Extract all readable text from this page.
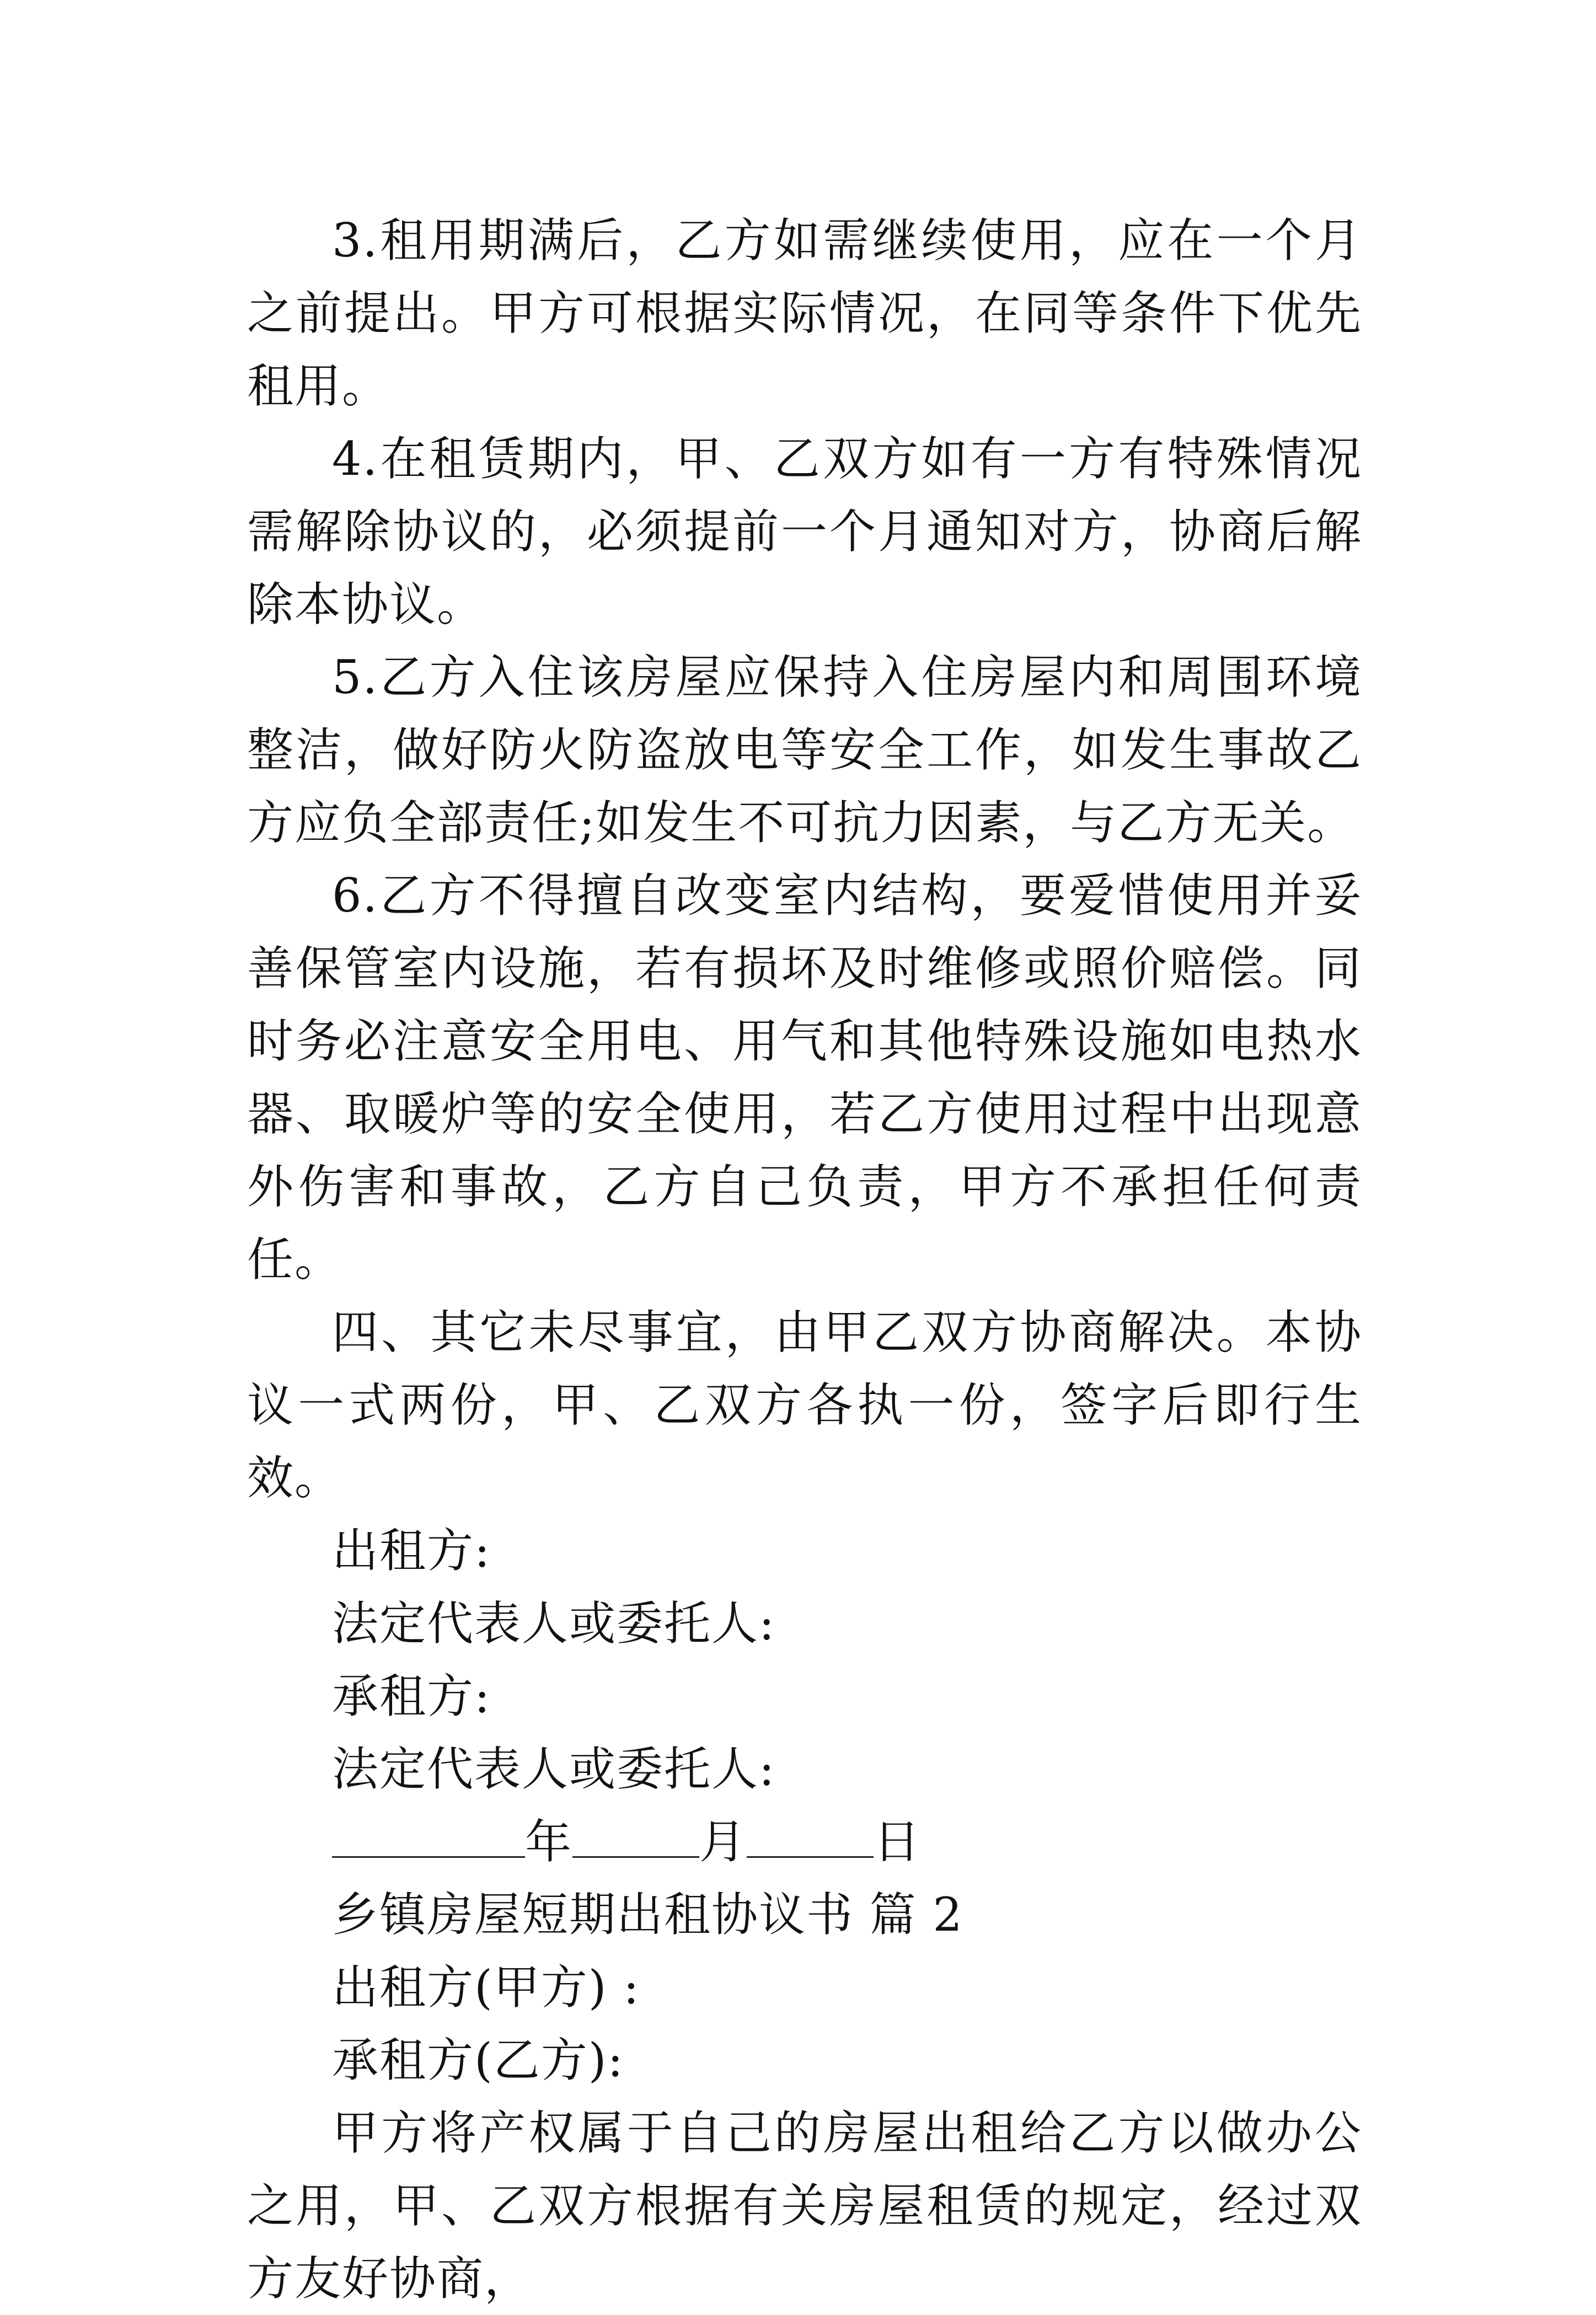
3.租用期满后，乙方如需继续使用，应在一个月之前提出。甲方可根据实际情况，在同等条件下优先租用。

4.在租赁期内，甲、乙双方如有一方有特殊情况需解除协议的，必须提前一个月通知对方，协商后解除本协议。

5.乙方入住该房屋应保持入住房屋内和周围环境整洁，做好防火防盗放电等安全工作，如发生事故乙方应负全部责任;如发生不可抗力因素，与乙方无关。

6.乙方不得擅自改变室内结构，要爱惜使用并妥善保管室内设施，若有损坏及时维修或照价赔偿。同时务必注意安全用电、用气和其他特殊设施如电热水器、取暖炉等的安全使用，若乙方使用过程中出现意外伤害和事故，乙方自己负责，甲方不承担任何责任。

四、其它未尽事宜，由甲乙双方协商解决。本协议一式两份，甲、乙双方各执一份，签字后即行生效。

出租方:

法定代表人或委托人:

承租方:

法定代表人或委托人:

年	月	日

乡镇房屋短期出租协议书 篇 2

出租方(甲方) :

承租方(乙方):

甲方将产权属于自己的房屋出租给乙方以做办公之用，甲、乙双方根据有关房屋租赁的规定，经过双方友好协商，
